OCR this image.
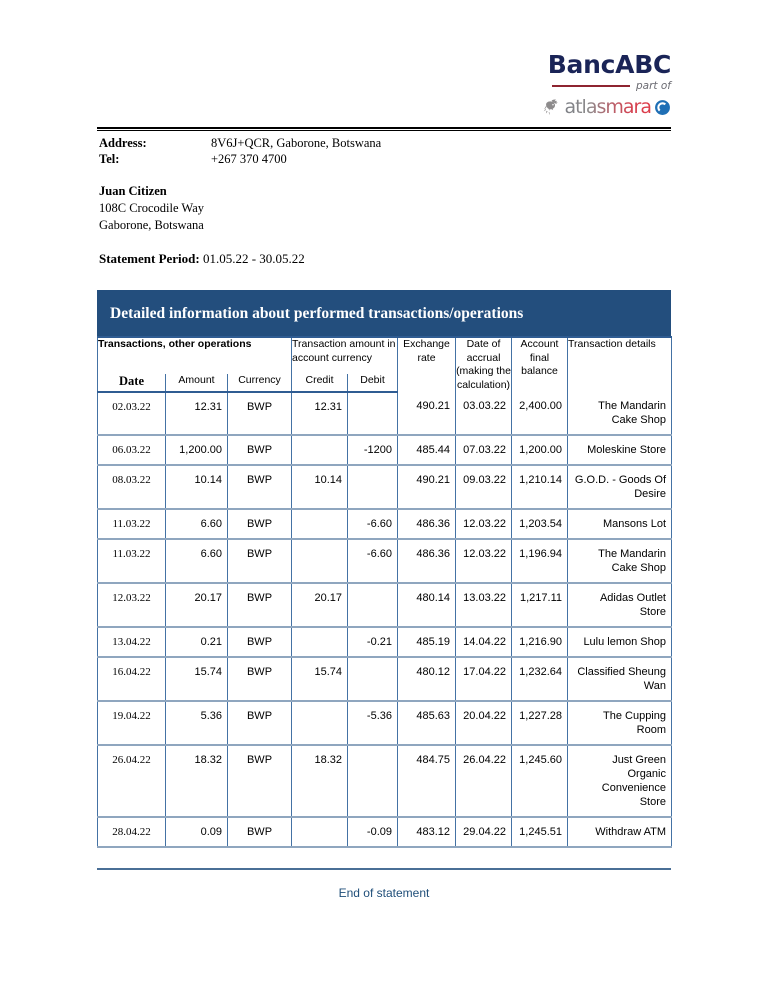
BancABC
part of
atlasmara
Address:	8V6J+QCR, Gaborone, Botswana
Tel:	+267 370 4700
Juan Citizen
108C Crocodile Way
Gaborone, Botswana
Statement Period: 01.05.22 - 30.05.22
Detailed information about performed transactions/operations
Transactions, other operations			Transaction amount in account currency		Exchange rate	Date of accrual (making the calculation)	Account final balance	Transaction details
Date	Amount	Currency	Credit	Debit				
02.03.22	12.31	BWP	12.31		490.21	03.03.22	2,400.00	The Mandarin Cake Shop
06.03.22	1,200.00	BWP		-1200	485.44	07.03.22	1,200.00	Moleskine Store
08.03.22	10.14	BWP	10.14		490.21	09.03.22	1,210.14	G.O.D. - Goods Of Desire
11.03.22	6.60	BWP		-6.60	486.36	12.03.22	1,203.54	Mansons Lot
11.03.22	6.60	BWP		-6.60	486.36	12.03.22	1,196.94	The Mandarin Cake Shop
12.03.22	20.17	BWP	20.17		480.14	13.03.22	1,217.11	Adidas Outlet Store
13.04.22	0.21	BWP		-0.21	485.19	14.04.22	1,216.90	Lulu lemon Shop
16.04.22	15.74	BWP	15.74		480.12	17.04.22	1,232.64	Classified Sheung Wan
19.04.22	5.36	BWP		-5.36	485.63	20.04.22	1,227.28	The Cupping Room
26.04.22	18.32	BWP	18.32		484.75	26.04.22	1,245.60	Just Green Organic Convenience Store
28.04.22	0.09	BWP		-0.09	483.12	29.04.22	1,245.51	Withdraw ATM
End of statement
